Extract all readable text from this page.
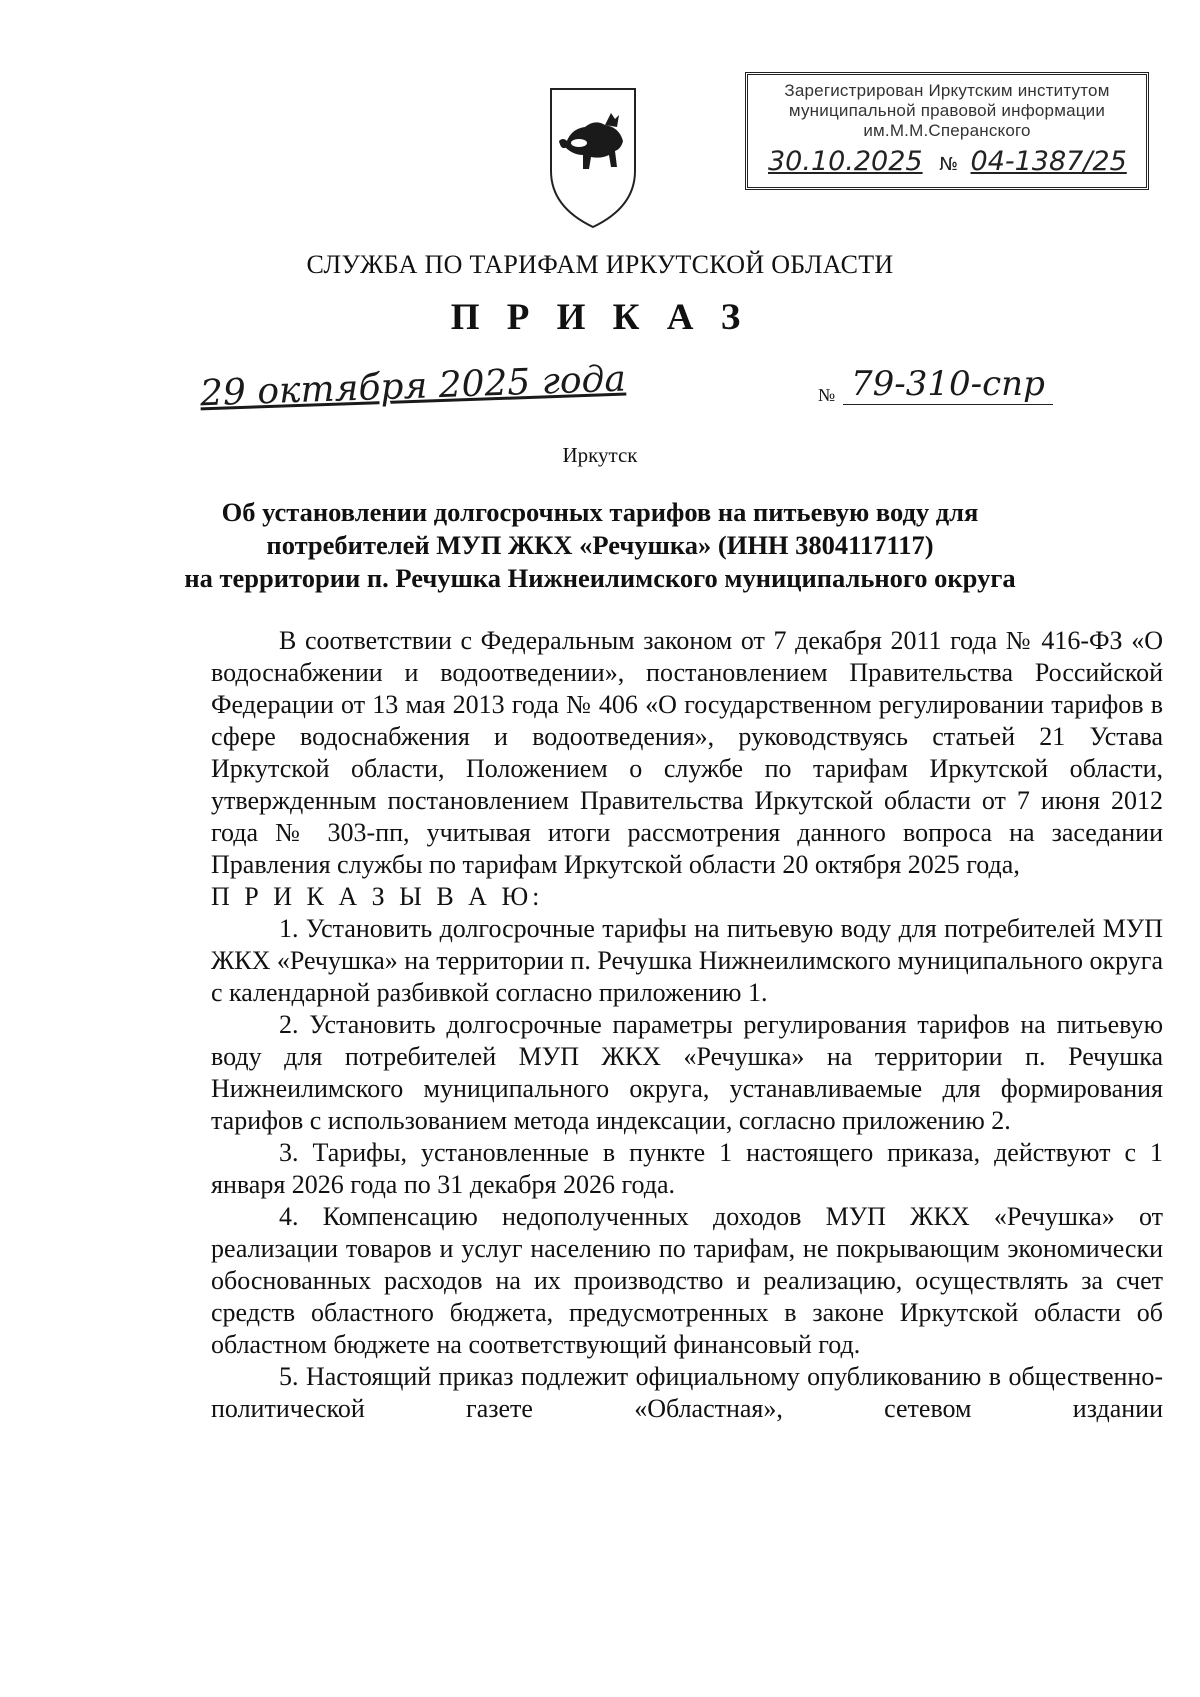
Зарегистрирован Иркутским институтом
муниципальной правовой информации
им.М.М.Сперанского
30.10.2025 № 04-1387/25
СЛУЖБА ПО ТАРИФАМ ИРКУТСКОЙ ОБЛАСТИ
П Р И К А З
29 октября 2025 года	№ 79-310-спр
Иркутск
Об установлении долгосрочных тарифов на питьевую воду для
потребителей МУП ЖКХ «Речушка» (ИНН 3804117117)
на территории п. Речушка Нижнеилимского муниципального округа

В соответствии с Федеральным законом от 7 декабря 2011 года № 416-ФЗ «О водоснабжении и водоотведении», постановлением Правительства Российской Федерации от 13 мая 2013 года № 406 «О государственном регулировании тарифов в сфере водоснабжения и водоотведения», руководствуясь статьей 21 Устава Иркутской области, Положением о службе по тарифам Иркутской области, утвержденным постановлением Правительства Иркутской области от 7 июня 2012 года № 303-пп, учитывая итоги рассмотрения данного вопроса на заседании Правления службы по тарифам Иркутской области 20 октября 2025 года,

П Р И К А З Ы В А Ю:

1. Установить долгосрочные тарифы на питьевую воду для потребителей МУП ЖКХ «Речушка» на территории п. Речушка Нижнеилимского муниципального округа с календарной разбивкой согласно приложению 1.

2. Установить долгосрочные параметры регулирования тарифов на питьевую воду для потребителей МУП ЖКХ «Речушка» на территории п. Речушка Нижнеилимского муниципального округа, устанавливаемые для формирования тарифов с использованием метода индексации, согласно приложению 2.

3. Тарифы, установленные в пункте 1 настоящего приказа, действуют с 1 января 2026 года по 31 декабря 2026 года.

4. Компенсацию недополученных доходов МУП ЖКХ «Речушка» от реализации товаров и услуг населению по тарифам, не покрывающим экономически обоснованных расходов на их производство и реализацию, осуществлять за счет средств областного бюджета, предусмотренных в законе Иркутской области об областном бюджете на соответствующий финансовый год.

5. Настоящий приказ подлежит официальному опубликованию в общественно-политической газете «Областная», сетевом издании
